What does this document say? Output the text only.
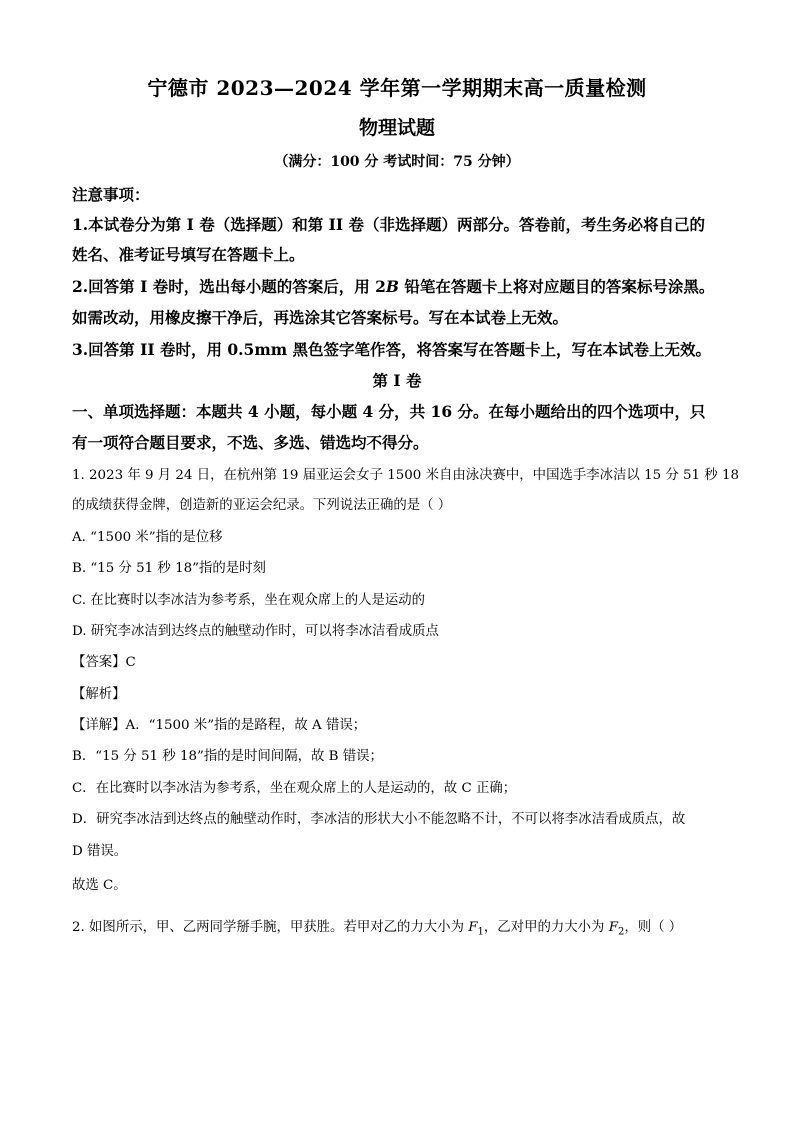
宁德市 2023—2024 学年第一学期期末高一质量检测
物理试题
（满分：100 分 考试时间：75 分钟）
注意事项：
1.本试卷分为第 I 卷（选择题）和第 II 卷（非选择题）两部分。答卷前，考生务必将自己的
姓名、准考证号填写在答题卡上。
2.回答第 I 卷时，选出每小题的答案后，用 2B 铅笔在答题卡上将对应题目的答案标号涂黑。
如需改动，用橡皮擦干净后，再选涂其它答案标号。写在本试卷上无效。
3.回答第 II 卷时，用 0.5mm 黑色签字笔作答，将答案写在答题卡上，写在本试卷上无效。
第 I 卷
一、单项选择题：本题共 4 小题，每小题 4 分，共 16 分。在每小题给出的四个选项中，只
有一项符合题目要求，不选、多选、错选均不得分。
1. 2023 年 9 月 24 日，在杭州第 19 届亚运会女子 1500 米自由泳决赛中，中国选手李冰洁以 15 分 51 秒 18
的成绩获得金牌，创造新的亚运会纪录。下列说法正确的是（ ）
A. “1500 米”指的是位移
B. “15 分 51 秒 18”指的是时刻
C. 在比赛时以李冰洁为参考系，坐在观众席上的人是运动的
D. 研究李冰洁到达终点的触壁动作时，可以将李冰洁看成质点
【答案】C
【解析】
【详解】A．“1500 米”指的是路程，故 A 错误；
B．“15 分 51 秒 18”指的是时间间隔，故 B 错误；
C．在比赛时以李冰洁为参考系，坐在观众席上的人是运动的，故 C 正确；
D．研究李冰洁到达终点的触壁动作时，李冰洁的形状大小不能忽略不计，不可以将李冰洁看成质点，故
D 错误。
故选 C。
2. 如图所示，甲、乙两同学掰手腕，甲获胜。若甲对乙的力大小为 $F_1$，乙对甲的力大小为 $F_2$，则（ ）
